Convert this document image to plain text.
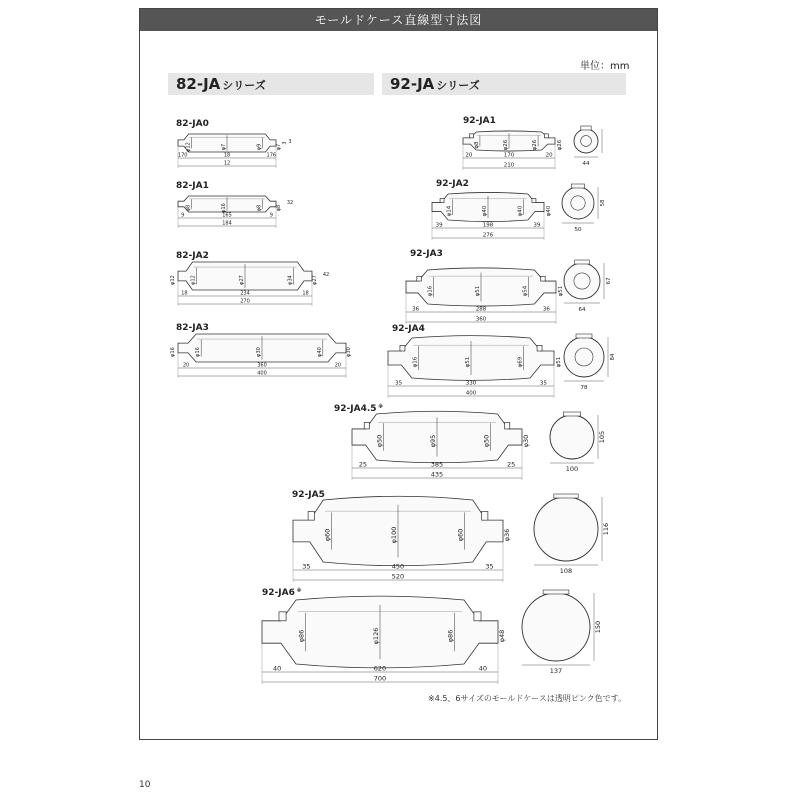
モールドケース直線型寸法図
単位：mm
82-JA シリーズ	92-JA シリーズ
※4.5、6サイズのモールドケースは透明ピンク色です。
82-JA0
φ12	φ7	φ9	φ7
18
12
170	176
3
3
82-JA1
φ8	φ16	φ8	φ8
165
184
9	9
32
82-JA2
φ12	φ27	φ34	φ27
φ12
234
270
18	18
42
82-JA3
φ16	φ30	φ40	φ30
φ16
360
400
20	20
92-JA1
φ8	φ26	φ26	φ26
170
210
20	20
44
92-JA2
φ14	φ40	φ40	φ40
198
276
39	39
50
58
92-JA3
φ16	φ51	φ54	φ51
288
360
36	36	64
67
92-JA4
φ16	φ51	φ69	φ51
330
400
35	35
78
84
92-JA4.5 ※
φ50	φ95	φ50	φ30
385
435
25	25
100
105
92-JA5
φ60	φ100	φ60	φ36
450
520
35	35
108
116
92-JA6 ※
φ86	φ126	φ86	φ48
620
700
40	40	137
150
10
